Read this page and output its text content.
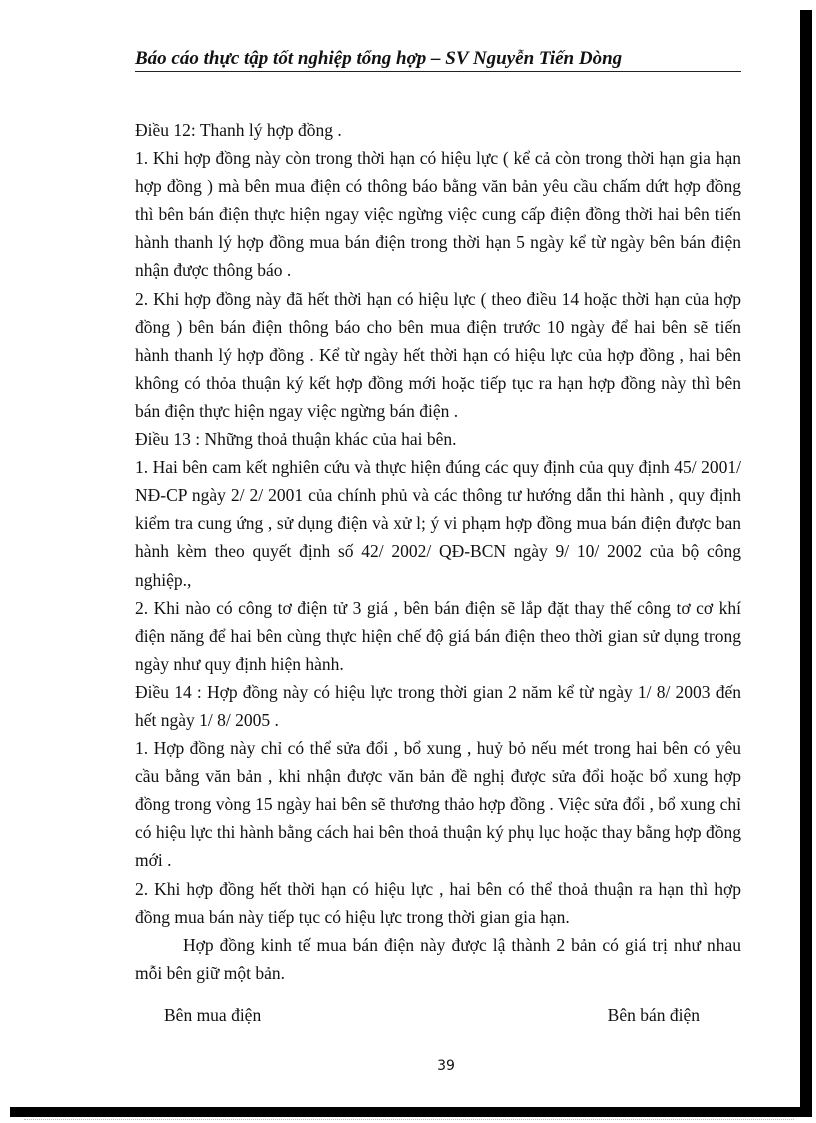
Báo cáo thực tập tốt nghiệp tổng hợp – SV Nguyễn Tiến Dòng

Điều 12: Thanh lý hợp đồng .

1. Khi hợp đồng này còn trong thời hạn có hiệu lực ( kể cả còn trong thời hạn gia hạn hợp đồng ) mà bên mua điện có thông báo bằng văn bản yêu cầu chấm dứt hợp đồng thì bên bán điện thực hiện ngay việc ngừng việc cung cấp điện đồng thời hai bên tiến hành thanh lý hợp đồng mua bán điện trong thời hạn 5 ngày kể từ ngày bên bán điện nhận được thông báo .

2. Khi hợp đồng này đã hết thời hạn có hiệu lực ( theo điều 14 hoặc thời hạn của hợp đồng ) bên bán điện thông báo cho bên mua điện trước 10 ngày để hai bên sẽ tiến hành thanh lý hợp đồng . Kể từ ngày hết thời hạn có hiệu lực của hợp đồng , hai bên không có thỏa thuận ký kết hợp đồng mới hoặc tiếp tục ra hạn hợp đồng này thì bên bán điện thực hiện ngay việc ngừng bán điện .

Điều 13 : Những thoả thuận khác của hai bên.

1. Hai bên cam kết nghiên cứu và thực hiện đúng các quy định của quy định 45/ 2001/ NĐ-CP ngày 2/ 2/ 2001 của chính phủ và các thông tư hướng dẫn thi hành , quy định kiểm tra cung ứng , sử dụng điện và xử l; ý vi phạm hợp đồng mua bán điện được ban hành kèm theo quyết định số 42/ 2002/ QĐ-BCN ngày 9/ 10/ 2002 của bộ công nghiệp.,

2. Khi nào có công tơ điện tử 3 giá , bên bán điện sẽ lắp đặt thay thế công tơ cơ khí điện năng để hai bên cùng thực hiện chế độ giá bán điện theo thời gian sử dụng trong ngày như quy định hiện hành.

Điều 14 : Hợp đồng này có hiệu lực trong thời gian 2 năm kể từ ngày 1/ 8/ 2003 đến hết ngày 1/ 8/ 2005 .

1. Hợp đồng này chỉ có thể sửa đổi , bổ xung , huỷ bỏ nếu mét trong hai bên có yêu cầu bằng văn bản , khi nhận được văn bản đề nghị được sửa đổi hoặc bổ xung hợp đồng trong vòng 15 ngày hai bên sẽ thương thảo hợp đồng . Việc sửa đổi , bổ xung chỉ có hiệu lực thi hành bằng cách hai bên thoả thuận ký phụ lục hoặc thay bằng hợp đồng mới .

2. Khi hợp đồng hết thời hạn có hiệu lực , hai bên có thể thoả thuận ra hạn thì hợp đồng mua bán này tiếp tục có hiệu lực trong thời gian gia hạn.

Hợp đồng kinh tế mua bán điện này được lậ thành 2 bản có giá trị như nhau mỗi bên giữ một bản.

Bên mua điện	Bên bán điện
39
